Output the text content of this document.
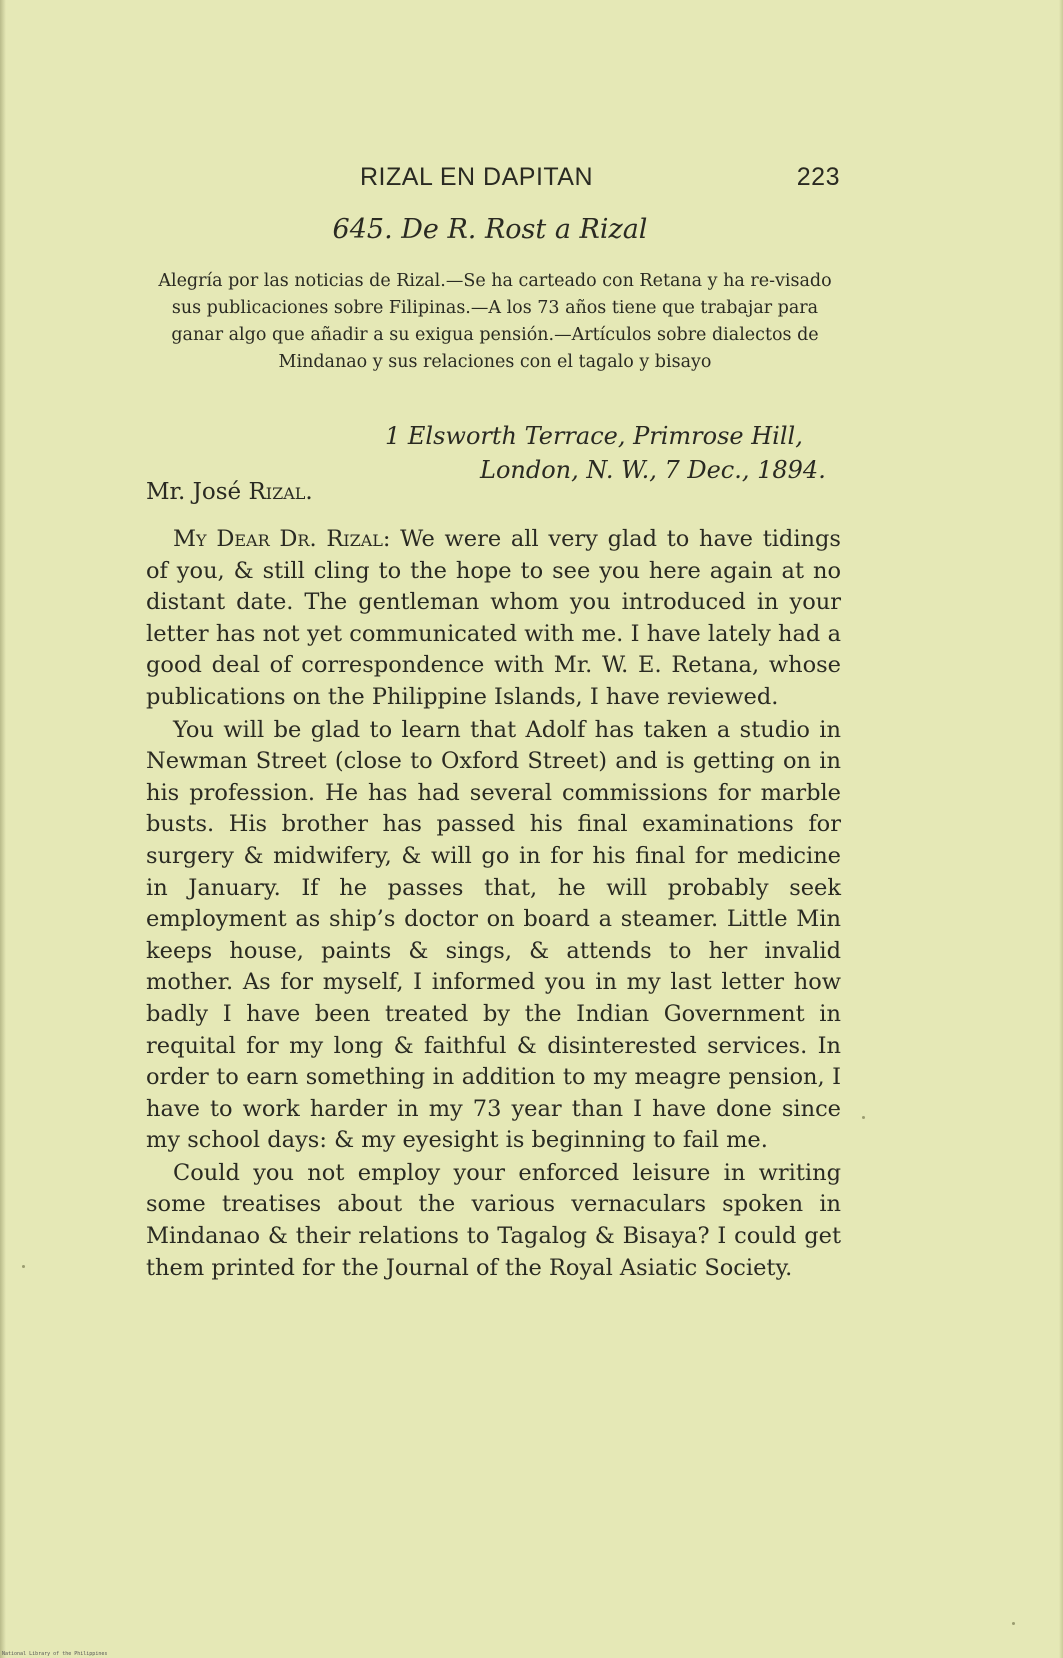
RIZAL EN DAPITAN	223
645. De R. Rost a Rizal
Alegría por las noticias de Rizal.—Se ha carteado con Retana y ha re-visado sus publicaciones sobre Filipinas.—A los 73 años tiene que trabajar para ganar algo que añadir a su exigua pensión.—Artículos sobre dialectos de Mindanao y sus relaciones con el tagalo y bisayo
1 Elsworth Terrace, Primrose Hill,
London, N. W., 7 Dec., 1894.
Mr. José Rizal.

My Dear Dr. Rizal: We were all very glad to have tidings of you, & still cling to the hope to see you here again at no distant date. The gentleman whom you introduced in your letter has not yet communicated with me. I have lately had a good deal of correspondence with Mr. W. E. Retana, whose publications on the Philippine Islands, I have reviewed.

You will be glad to learn that Adolf has taken a studio in Newman Street (close to Oxford Street) and is getting on in his profession. He has had several commissions for marble busts. His brother has passed his final examinations for surgery & midwifery, & will go in for his final for medicine in January. If he passes that, he will probably seek employment as ship’s doctor on board a steamer. Little Min keeps house, paints & sings, & attends to her invalid mother. As for myself, I informed you in my last letter how badly I have been treated by the Indian Government in requital for my long & faithful & disinterested services. In order to earn something in addition to my meagre pension, I have to work harder in my 73 year than I have done since my school days: & my eyesight is beginning to fail me.

Could you not employ your enforced leisure in writing some treatises about the various vernaculars spoken in Mindanao & their relations to Tagalog & Bisaya? I could get them printed for the Journal of the Royal Asiatic Society.

National Library of the Philippines
